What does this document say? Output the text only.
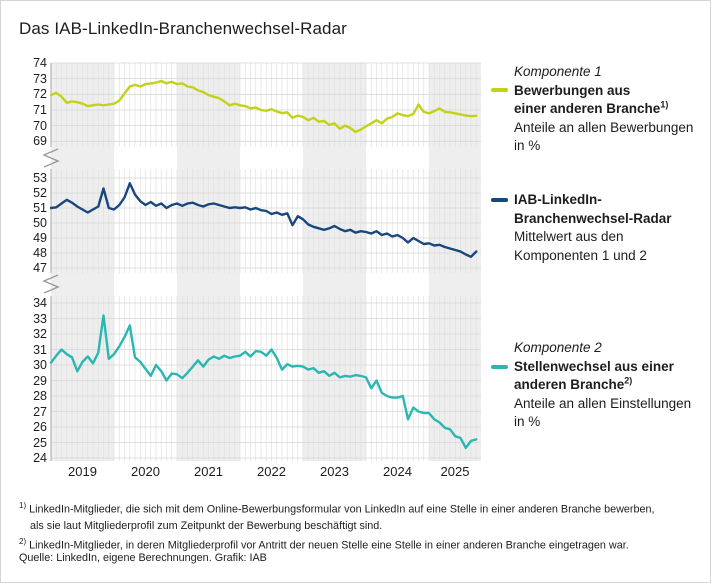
Das IAB-LinkedIn-Branchenwechsel-Radar
Komponente 1
Bewerbungen aus
einer anderen Branche$^{1)}$
Anteile an allen Bewerbungen
in %
IAB-LinkedIn-
Branchenwechsel-Radar
Mittelwert aus den
Komponenten 1 und 2
Komponente 2
Stellenwechsel aus einer
anderen Branche$^{2)}$
Anteile an allen Einstellungen
in %
$^{1)}$ LinkedIn-Mitglieder, die sich mit dem Online-Bewerbungsformular von LinkedIn auf eine Stelle in einer anderen Branche bewerben,
als sie laut Mitgliederprofil zum Zeitpunkt der Bewerbung beschäftigt sind.
$^{2)}$ LinkedIn-Mitglieder, in deren Mitgliederprofil vor Antritt der neuen Stelle eine Stelle in einer anderen Branche eingetragen war.
Quelle: LinkedIn, eigene Berechnungen. Grafik: IAB
74
73
72
71
70
69
53
52
51
50
49
48
47
34
33
32
31
30
29
28
27
26
25
24
2019	2020	2021	2022	2023	2024	2025
